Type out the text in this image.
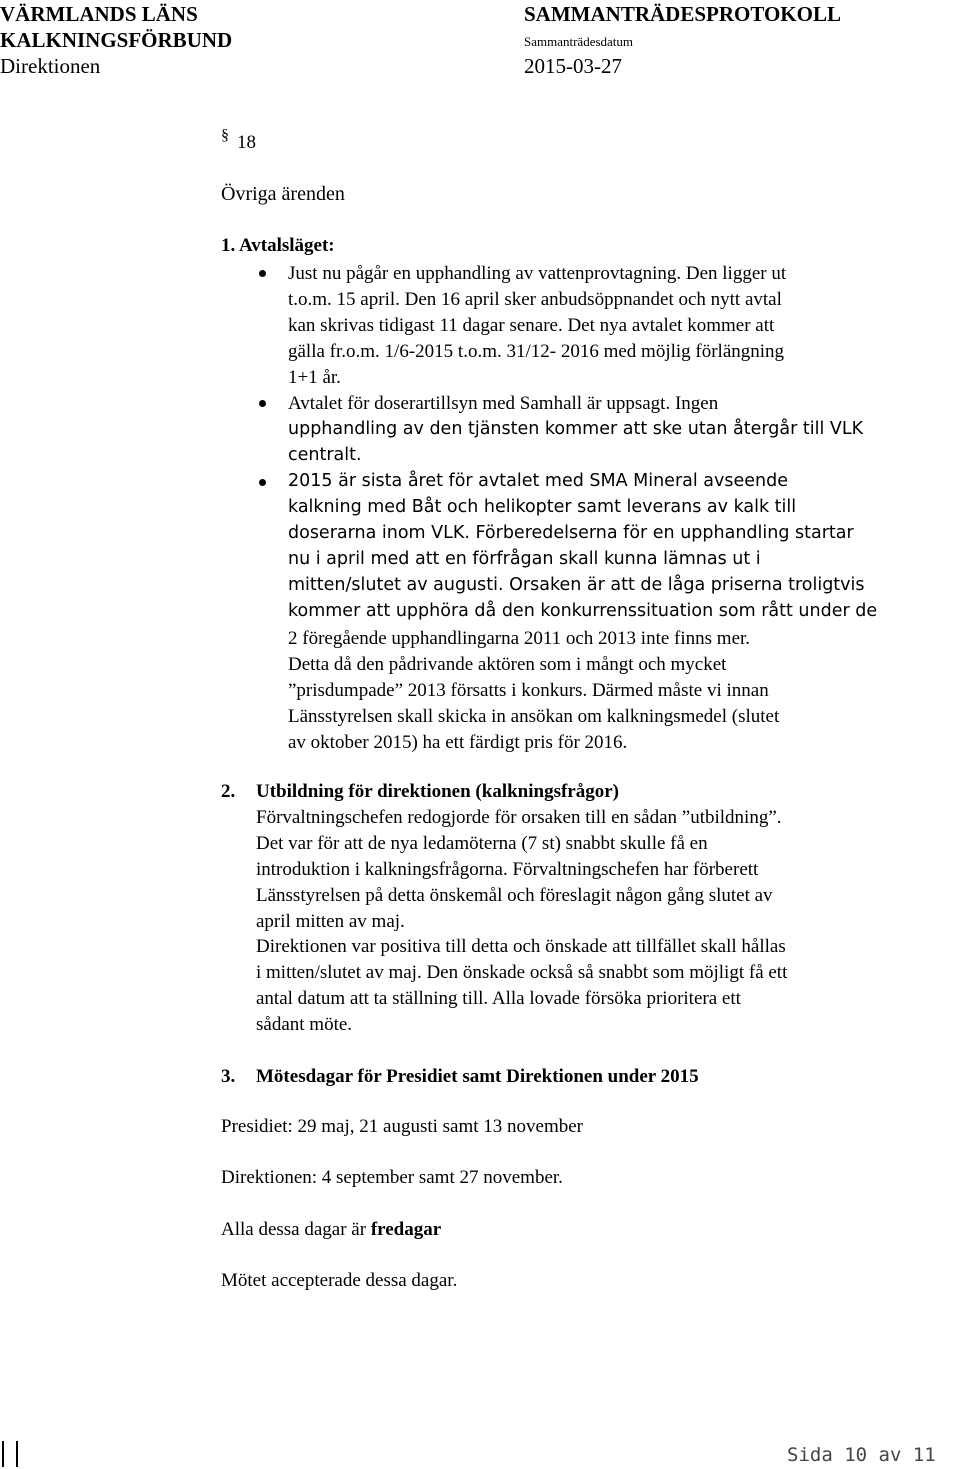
VÄRMLANDS LÄNS
KALKNINGSFÖRBUND
Direktionen
SAMMANTRÄDESPROTOKOLL
Sammanträdesdatum
2015-03-27
§ 18
Övriga ärenden
1. Avtalsläget:
Just nu pågår en upphandling av vattenprovtagning. Den ligger ut
t.o.m. 15 april. Den 16 april sker anbudsöppnandet och nytt avtal
kan skrivas tidigast 11 dagar senare. Det nya avtalet kommer att
gälla fr.o.m. 1/6-2015 t.o.m. 31/12- 2016 med möjlig förlängning
1+1 år.
Avtalet för doserartillsyn med Samhall är uppsagt. Ingen
upphandling av den tjänsten kommer att ske utan återgår till VLK
centralt.
2015 är sista året för avtalet med SMA Mineral avseende
kalkning med Båt och helikopter samt leverans av kalk till
doserarna inom VLK. Förberedelserna för en upphandling startar
nu i april med att en förfrågan skall kunna lämnas ut i
mitten/slutet av augusti. Orsaken är att de låga priserna troligtvis
kommer att upphöra då den konkurrenssituation som rått under de
2 föregående upphandlingarna 2011 och 2013 inte finns mer.
Detta då den pådrivande aktören som i mångt och mycket
”prisdumpade” 2013 försatts i konkurs. Därmed måste vi innan
Länsstyrelsen skall skicka in ansökan om kalkningsmedel (slutet
av oktober 2015) ha ett färdigt pris för 2016.
2. Utbildning för direktionen (kalkningsfrågor)
Förvaltningschefen redogjorde för orsaken till en sådan ”utbildning”.
Det var för att de nya ledamöterna (7 st) snabbt skulle få en
introduktion i kalkningsfrågorna. Förvaltningschefen har förberett
Länsstyrelsen på detta önskemål och föreslagit någon gång slutet av
april mitten av maj.
Direktionen var positiva till detta och önskade att tillfället skall hållas
i mitten/slutet av maj. Den önskade också så snabbt som möjligt få ett
antal datum att ta ställning till. Alla lovade försöka prioritera ett
sådant möte.
3. Mötesdagar för Presidiet samt Direktionen under 2015
Presidiet: 29 maj, 21 augusti samt 13 november
Direktionen: 4 september samt 27 november.
Alla dessa dagar är fredagar
Mötet accepterade dessa dagar.
Sida 10 av 11
